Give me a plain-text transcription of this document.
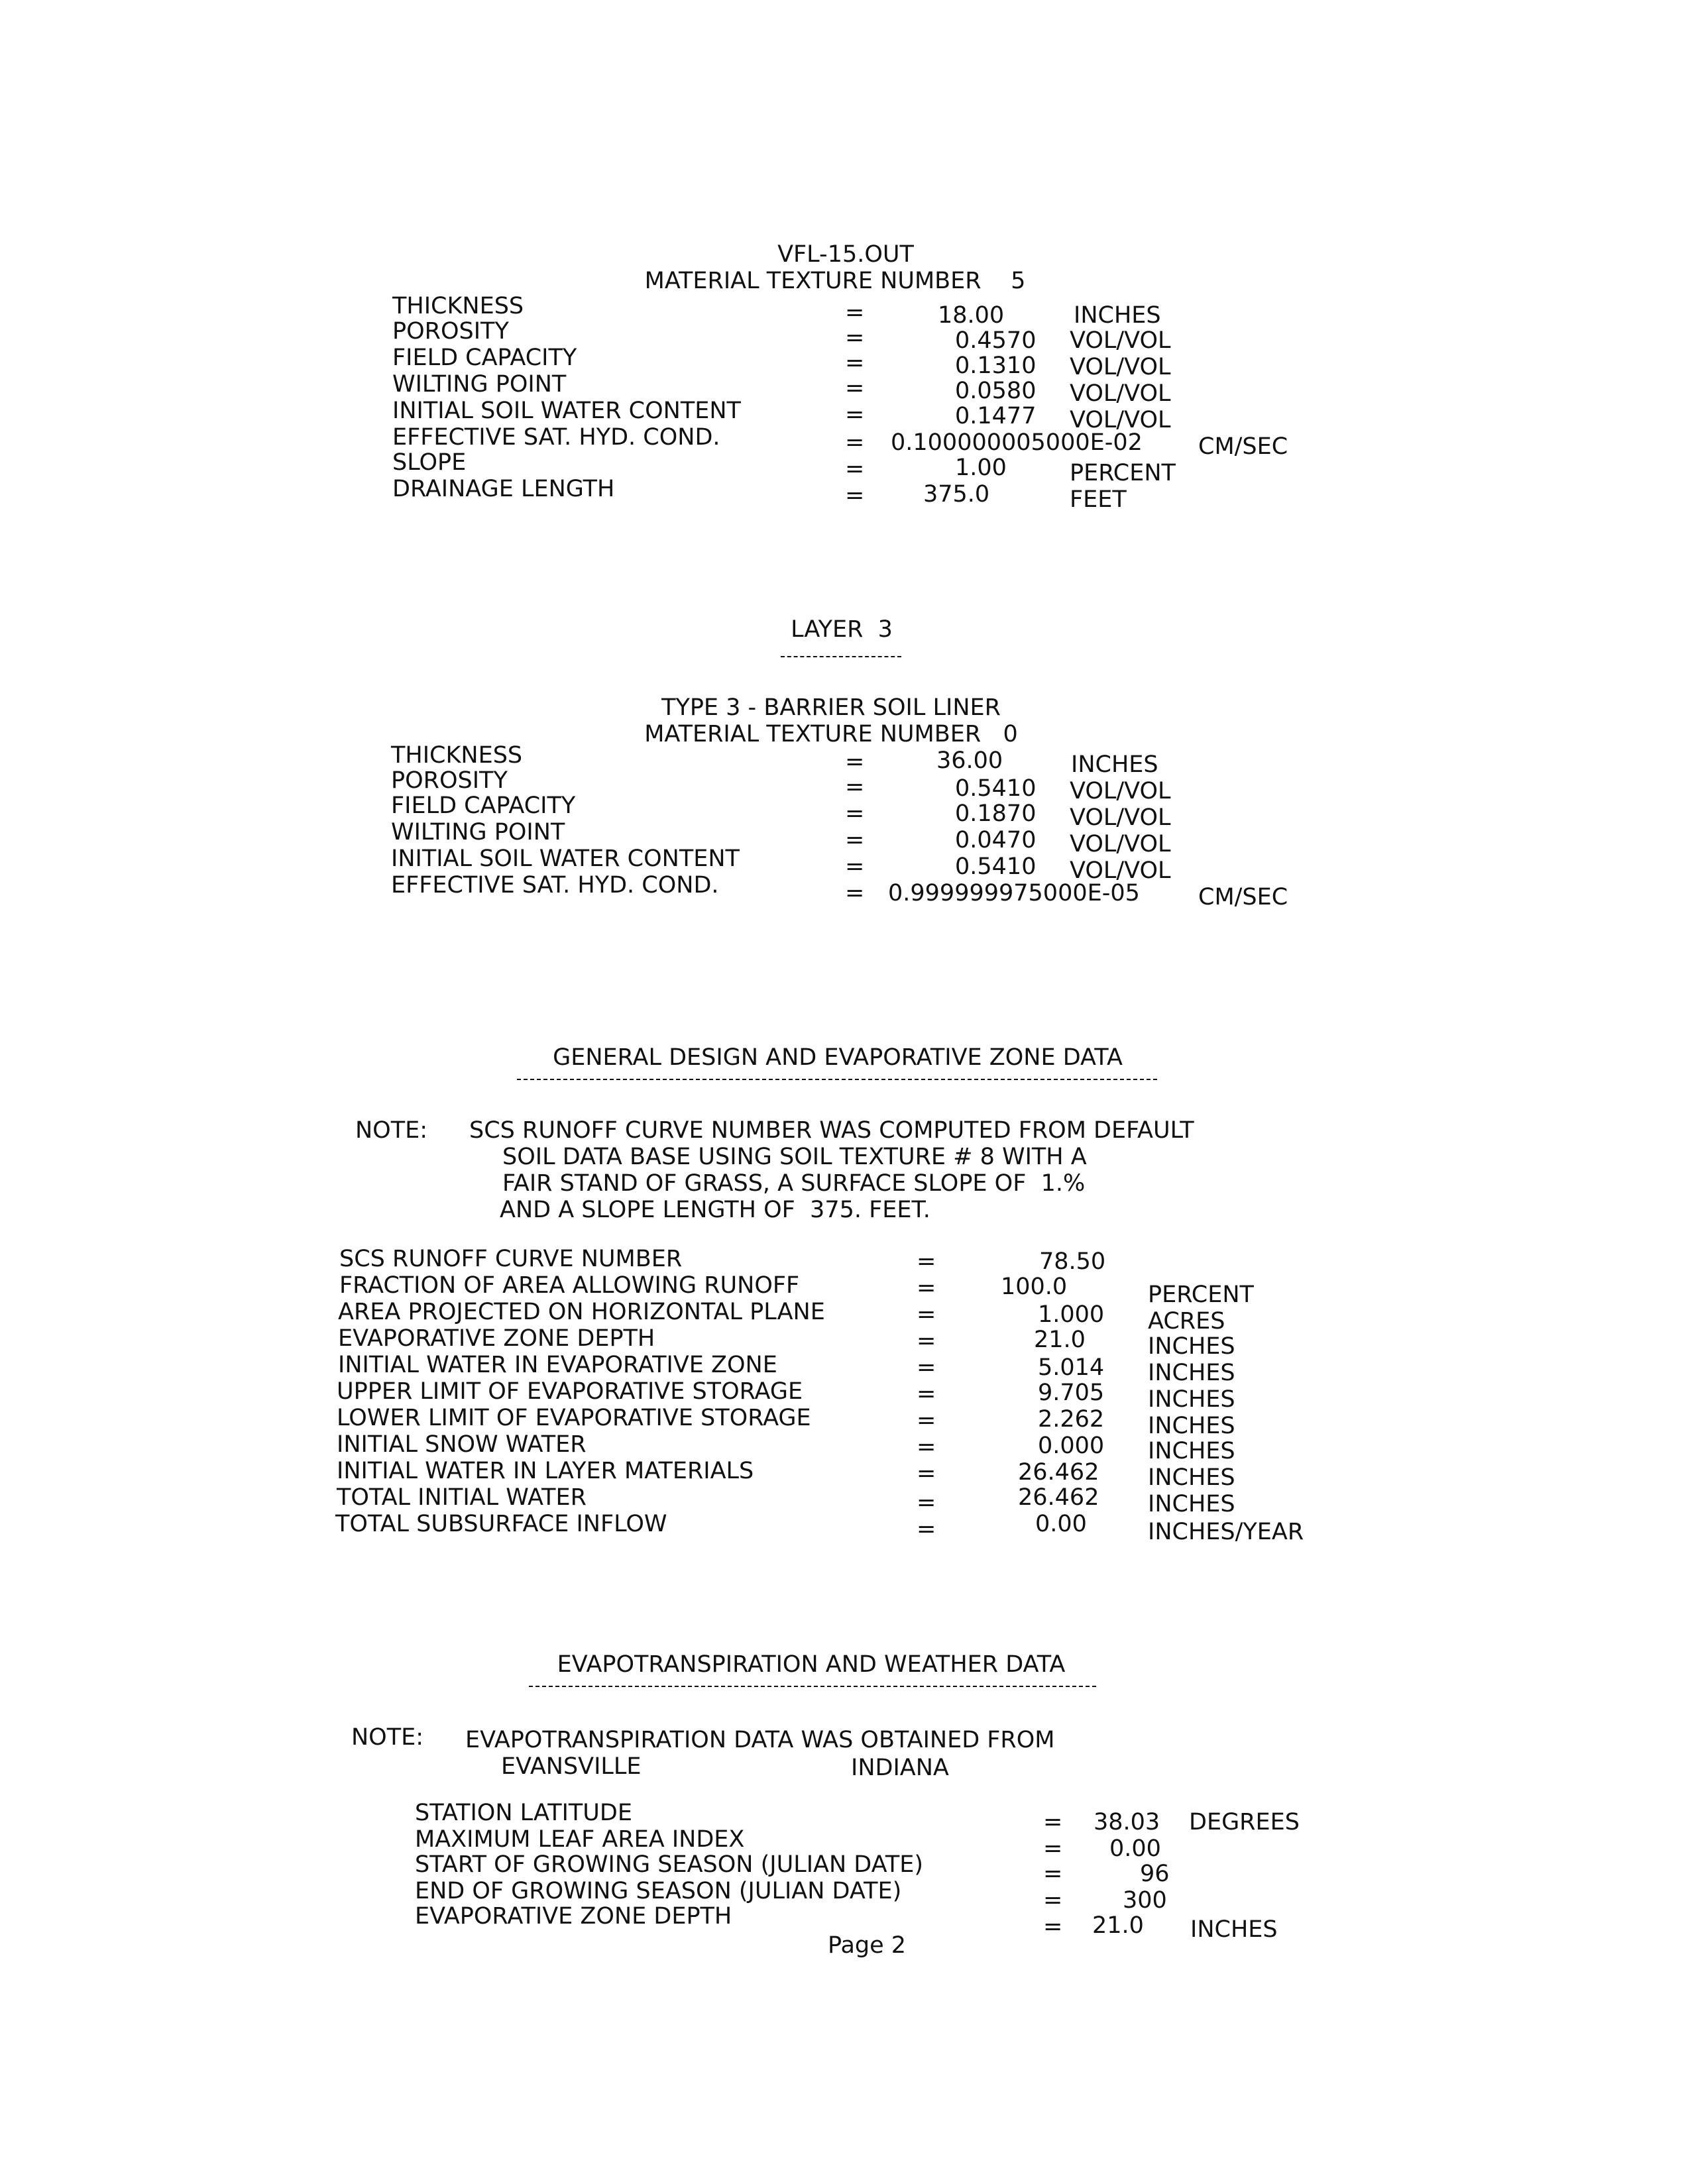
VFL-15.OUT
MATERIAL TEXTURE NUMBER    5
THICKNESS	=	18.00	INCHES
POROSITY	=	0.4570 VOL/VOL
FIELD CAPACITY	=	0.1310 VOL/VOL
WILTING POINT	=	0.0580 VOL/VOL
INITIAL SOIL WATER CONTENT	=	0.1477 VOL/VOL
EFFECTIVE SAT. HYD. COND.	= 0.100000005000E-02 CM/SEC
SLOPE	=	1.00	PERCENT
DRAINAGE LENGTH	=	375.0	FEET
LAYER  3
TYPE 3 - BARRIER SOIL LINER
MATERIAL TEXTURE NUMBER   0
THICKNESS	=	36.00	INCHES
POROSITY	=	0.5410 VOL/VOL
FIELD CAPACITY	=	0.1870 VOL/VOL
WILTING POINT	=	0.0470 VOL/VOL
INITIAL SOIL WATER CONTENT	=	0.5410 VOL/VOL
EFFECTIVE SAT. HYD. COND.	= 0.999999975000E-05	CM/SEC
GENERAL DESIGN AND EVAPORATIVE ZONE DATA
NOTE: SCS RUNOFF CURVE NUMBER WAS COMPUTED FROM DEFAULT
SOIL DATA BASE USING SOIL TEXTURE # 8 WITH A
FAIR STAND OF GRASS, A SURFACE SLOPE OF  1.%
AND A SLOPE LENGTH OF  375. FEET.
SCS RUNOFF CURVE NUMBER	=	78.50
FRACTION OF AREA ALLOWING RUNOFF	=	100.0	PERCENT
AREA PROJECTED ON HORIZONTAL PLANE	=	1.000 ACRES
EVAPORATIVE ZONE DEPTH	=	21.0	INCHES
INITIAL WATER IN EVAPORATIVE ZONE	=	5.014 INCHES
UPPER LIMIT OF EVAPORATIVE STORAGE	=	9.705 INCHES
LOWER LIMIT OF EVAPORATIVE STORAGE	=	2.262 INCHES
INITIAL SNOW WATER	=	0.000 INCHES
INITIAL WATER IN LAYER MATERIALS	=	26.462 INCHES
TOTAL INITIAL WATER	=	26.462 INCHES
TOTAL SUBSURFACE INFLOW	=	0.00	INCHES/YEAR
EVAPOTRANSPIRATION AND WEATHER DATA
NOTE: EVAPOTRANSPIRATION DATA WAS OBTAINED FROM
EVANSVILLE	INDIANA
STATION LATITUDE	= 38.03 DEGREES
MAXIMUM LEAF AREA INDEX	= 0.00
START OF GROWING SEASON (JULIAN DATE)	=	96
END OF GROWING SEASON (JULIAN DATE)	=	300
EVAPORATIVE ZONE DEPTH	= 21.0 INCHES
Page 2
